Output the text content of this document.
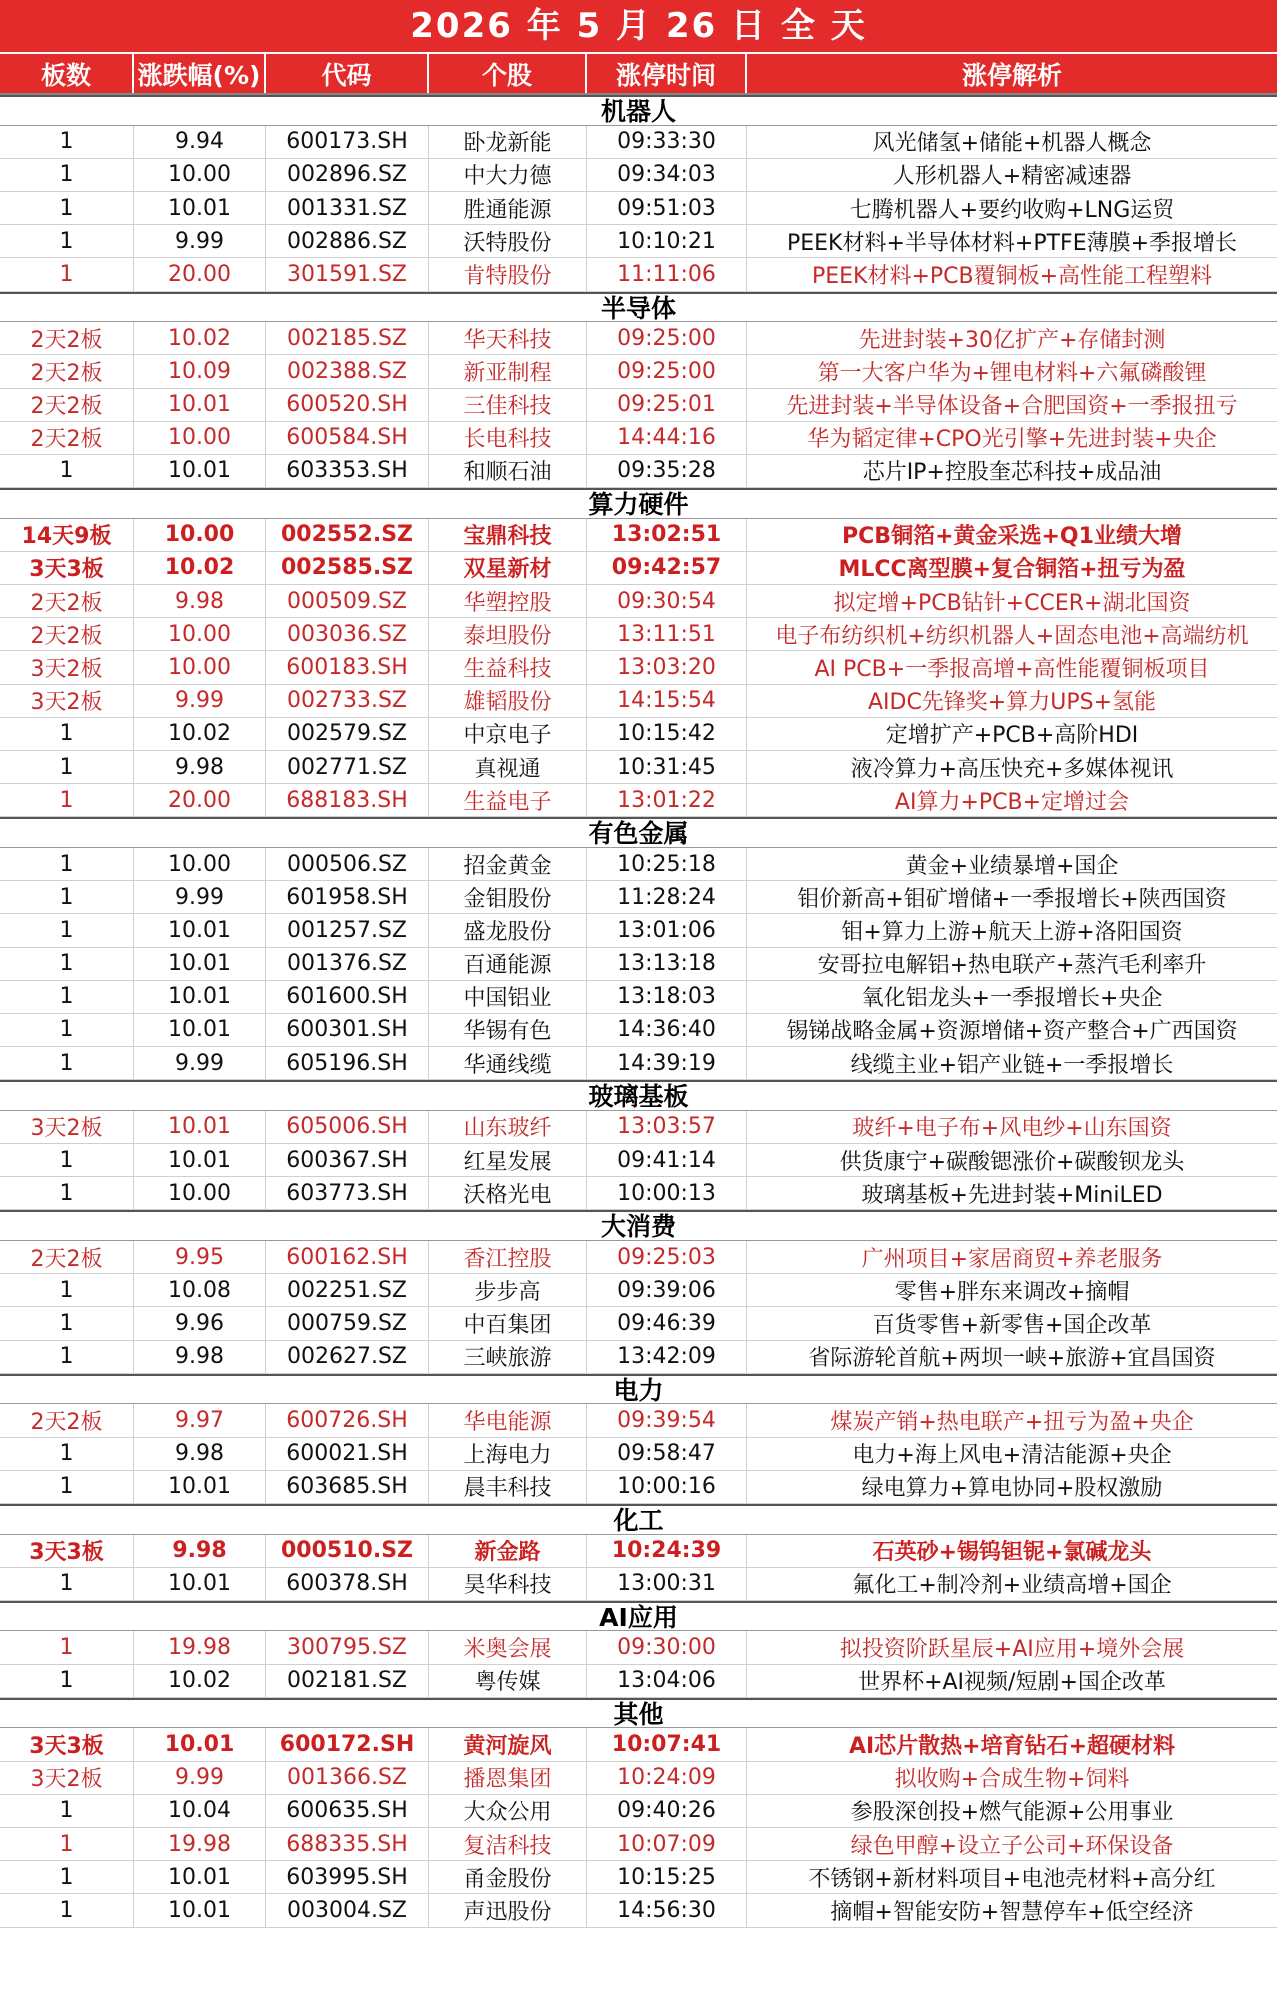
2026 年 5 月 26 日 全 天
板数	涨跌幅(%)	代码	个股	涨停时间	涨停解析
机器人
1	9.94	600173.SH	卧龙新能	09:33:30	风光储氢+储能+机器人概念
1	10.00	002896.SZ	中大力德	09:34:03	人形机器人+精密减速器
1	10.01	001331.SZ	胜通能源	09:51:03	七腾机器人+要约收购+LNG运贸
1	9.99	002886.SZ	沃特股份	10:10:21	PEEK材料+半导体材料+PTFE薄膜+季报增长
1	20.00	301591.SZ	肯特股份	11:11:06	PEEK材料+PCB覆铜板+高性能工程塑料
半导体
2天2板	10.02	002185.SZ	华天科技	09:25:00	先进封装+30亿扩产+存储封测
2天2板	10.09	002388.SZ	新亚制程	09:25:00	第一大客户华为+锂电材料+六氟磷酸锂
2天2板	10.01	600520.SH	三佳科技	09:25:01	先进封装+半导体设备+合肥国资+一季报扭亏
2天2板	10.00	600584.SH	长电科技	14:44:16	华为韬定律+CPO光引擎+先进封装+央企
1	10.01	603353.SH	和顺石油	09:35:28	芯片IP+控股奎芯科技+成品油
算力硬件
14天9板	10.00	002552.SZ	宝鼎科技	13:02:51	PCB铜箔+黄金采选+Q1业绩大增
3天3板	10.02	002585.SZ	双星新材	09:42:57	MLCC离型膜+复合铜箔+扭亏为盈
2天2板	9.98	000509.SZ	华塑控股	09:30:54	拟定增+PCB钻针+CCER+湖北国资
2天2板	10.00	003036.SZ	泰坦股份	13:11:51	电子布纺织机+纺织机器人+固态电池+高端纺机
3天2板	10.00	600183.SH	生益科技	13:03:20	AI PCB+一季报高增+高性能覆铜板项目
3天2板	9.99	002733.SZ	雄韬股份	14:15:54	AIDC先锋奖+算力UPS+氢能
1	10.02	002579.SZ	中京电子	10:15:42	定增扩产+PCB+高阶HDI
1	9.98	002771.SZ	真视通	10:31:45	液冷算力+高压快充+多媒体视讯
1	20.00	688183.SH	生益电子	13:01:22	AI算力+PCB+定增过会
有色金属
1	10.00	000506.SZ	招金黄金	10:25:18	黄金+业绩暴增+国企
1	9.99	601958.SH	金钼股份	11:28:24	钼价新高+钼矿增储+一季报增长+陕西国资
1	10.01	001257.SZ	盛龙股份	13:01:06	钼+算力上游+航天上游+洛阳国资
1	10.01	001376.SZ	百通能源	13:13:18	安哥拉电解铝+热电联产+蒸汽毛利率升
1	10.01	601600.SH	中国铝业	13:18:03	氧化铝龙头+一季报增长+央企
1	10.01	600301.SH	华锡有色	14:36:40	锡锑战略金属+资源增储+资产整合+广西国资
1	9.99	605196.SH	华通线缆	14:39:19	线缆主业+铝产业链+一季报增长
玻璃基板
3天2板	10.01	605006.SH	山东玻纤	13:03:57	玻纤+电子布+风电纱+山东国资
1	10.01	600367.SH	红星发展	09:41:14	供货康宁+碳酸锶涨价+碳酸钡龙头
1	10.00	603773.SH	沃格光电	10:00:13	玻璃基板+先进封装+MiniLED
大消费
2天2板	9.95	600162.SH	香江控股	09:25:03	广州项目+家居商贸+养老服务
1	10.08	002251.SZ	步步高	09:39:06	零售+胖东来调改+摘帽
1	9.96	000759.SZ	中百集团	09:46:39	百货零售+新零售+国企改革
1	9.98	002627.SZ	三峡旅游	13:42:09	省际游轮首航+两坝一峡+旅游+宜昌国资
电力
2天2板	9.97	600726.SH	华电能源	09:39:54	煤炭产销+热电联产+扭亏为盈+央企
1	9.98	600021.SH	上海电力	09:58:47	电力+海上风电+清洁能源+央企
1	10.01	603685.SH	晨丰科技	10:00:16	绿电算力+算电协同+股权激励
化工
3天3板	9.98	000510.SZ	新金路	10:24:39	石英砂+锡钨钽铌+氯碱龙头
1	10.01	600378.SH	昊华科技	13:00:31	氟化工+制冷剂+业绩高增+国企
AI应用
1	19.98	300795.SZ	米奥会展	09:30:00	拟投资阶跃星辰+AI应用+境外会展
1	10.02	002181.SZ	粤传媒	13:04:06	世界杯+AI视频/短剧+国企改革
其他
3天3板	10.01	600172.SH	黄河旋风	10:07:41	AI芯片散热+培育钻石+超硬材料
3天2板	9.99	001366.SZ	播恩集团	10:24:09	拟收购+合成生物+饲料
1	10.04	600635.SH	大众公用	09:40:26	参股深创投+燃气能源+公用事业
1	19.98	688335.SH	复洁科技	10:07:09	绿色甲醇+设立子公司+环保设备
1	10.01	603995.SH	甬金股份	10:15:25	不锈钢+新材料项目+电池壳材料+高分红
1	10.01	003004.SZ	声迅股份	14:56:30	摘帽+智能安防+智慧停车+低空经济
